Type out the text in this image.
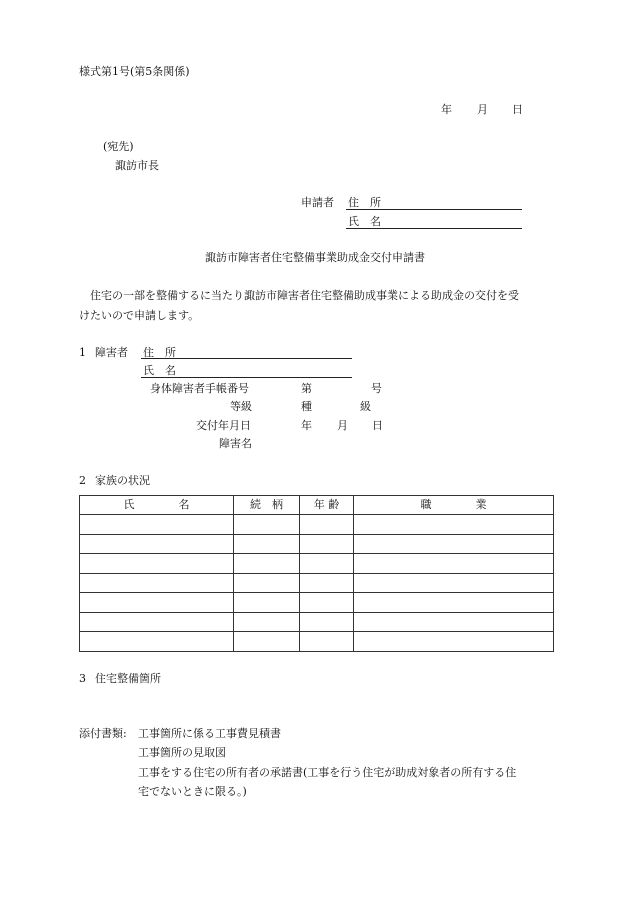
様式第1号(第5条関係)
年 月 日
(宛先)
諏訪市長
申請者 住　所
氏　名
諏訪市障害者住宅整備事業助成金交付申請書
住宅の一部を整備するに当たり諏訪市障害者住宅整備助成事業による助成金の交付を受
けたいので申請します。
1 障害者 住　所
氏　名
身体障害者手帳番号	第	号
等級	種	級
交付年月日	年 月 日
障害名
2 家族の状況
氏　　　　名	続　柄	年 齢	職　　　　業

3 住宅整備箇所
添付書類: 工事箇所に係る工事費見積書
工事箇所の見取図
工事をする住宅の所有者の承諾書(工事を行う住宅が助成対象者の所有する住
宅でないときに限る。)
